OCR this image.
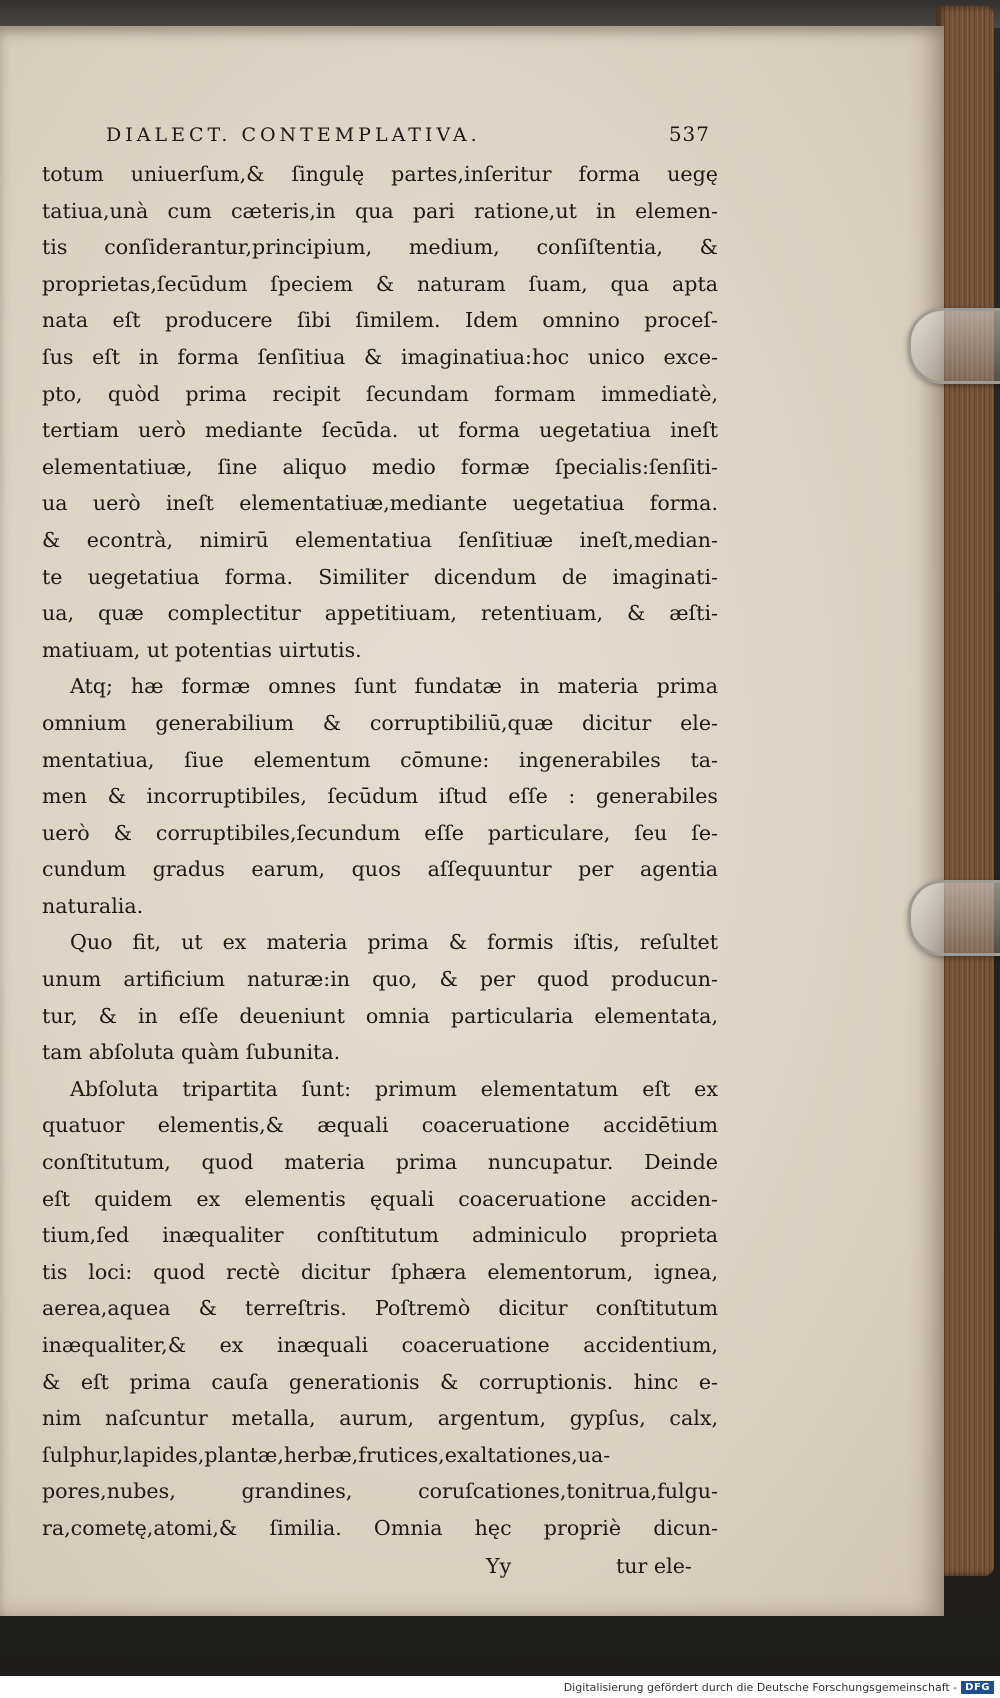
DIALECT. CONTEMPLATIVA.	537
totum uniuerſum,& ſingulę partes,inſeritur forma uegę
tatiua,unà cum cæteris,in qua pari ratione,ut in elemen-
tis conſiderantur,principium, medium, conſiſtentia, &
proprietas,ſecūdum ſpeciem & naturam ſuam, qua apta
nata eſt producere ſibi ſimilem. Idem omnino proceſ-
ſus eſt in forma ſenſitiua & imaginatiua:hoc unico exce-
pto, quòd prima recipit ſecundam formam immediatè,
tertiam uerò mediante ſecūda. ut forma uegetatiua ineſt
elementatiuæ, ſine aliquo medio formæ ſpecialis:ſenſiti-
ua uerò ineſt elementatiuæ,mediante uegetatiua forma.
& econtrà, nimirū elementatiua ſenſitiuæ ineſt,median-
te uegetatiua forma. Similiter dicendum de imaginati-
ua, quæ complectitur appetitiuam, retentiuam, & æſti-
matiuam, ut potentias uirtutis.
Atq; hæ formæ omnes ſunt fundatæ in materia prima
omnium generabilium & corruptibiliū,quæ dicitur ele-
mentatiua, ſiue elementum cōmune: ingenerabiles ta-
men & incorruptibiles, ſecūdum iſtud eſſe : generabiles
uerò & corruptibiles,ſecundum eſſe particulare, ſeu ſe-
cundum gradus earum, quos aſſequuntur per agentia
naturalia.
Quo fit, ut ex materia prima & formis iſtis, reſultet
unum artificium naturæ:in quo, & per quod producun-
tur, & in eſſe deueniunt omnia particularia elementata,
tam abſoluta quàm ſubunita.
Abſoluta tripartita ſunt: primum elementatum eſt ex
quatuor elementis,& æquali coaceruatione accidētium
conſtitutum, quod materia prima nuncupatur. Deinde
eſt quidem ex elementis ęquali coaceruatione acciden-
tium,ſed inæqualiter conſtitutum adminiculo proprieta
tis loci: quod rectè dicitur ſphæra elementorum, ignea,
aerea,aquea & terreſtris. Poſtremò dicitur conſtitutum
inæqualiter,& ex inæquali coaceruatione accidentium,
& eſt prima cauſa generationis & corruptionis. hinc e-
nim naſcuntur metalla, aurum, argentum, gypſus, calx,
ſulphur,lapides,plantæ,herbæ,frutices,exaltationes,ua-
pores,nubes, grandines, coruſcationes,tonitrua,fulgu-
ra,cometę,atomi,& ſimilia. Omnia hęc propriè dicun-
Yy	tur ele-
Digitalisierung gefördert durch die Deutsche Forschungsgemeinschaft - DFG
